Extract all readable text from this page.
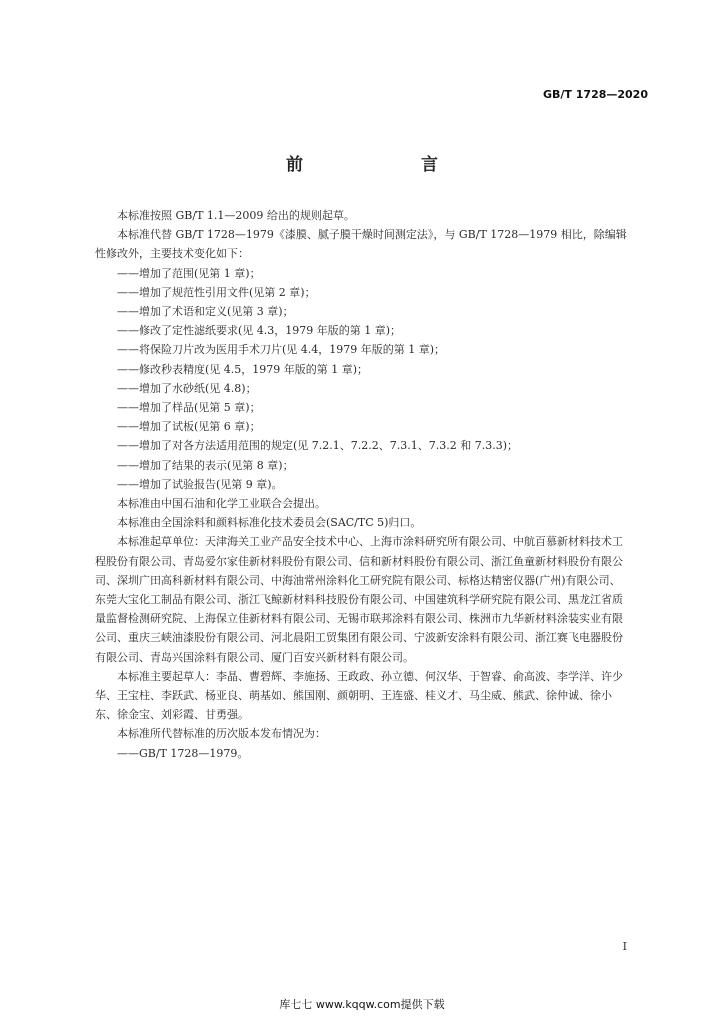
GB/T 1728—2020
前　　言

本标准按照 GB/T 1.1—2009 给出的规则起草。

本标准代替 GB/T 1728—1979《漆膜、腻子膜干燥时间测定法》，与 GB/T 1728—1979 相比，除编辑性修改外，主要技术变化如下：

——增加了范围(见第 1 章)；

——增加了规范性引用文件(见第 2 章)；

——增加了术语和定义(见第 3 章)；

——修改了定性滤纸要求(见 4.3，1979 年版的第 1 章)；

——将保险刀片改为医用手术刀片(见 4.4，1979 年版的第 1 章)；

——修改秒表精度(见 4.5，1979 年版的第 1 章)；

——增加了水砂纸(见 4.8)；

——增加了样品(见第 5 章)；

——增加了试板(见第 6 章)；

——增加了对各方法适用范围的规定(见 7.2.1、7.2.2、7.3.1、7.3.2 和 7.3.3)；

——增加了结果的表示(见第 8 章)；

——增加了试验报告(见第 9 章)。

本标准由中国石油和化学工业联合会提出。

本标准由全国涂料和颜料标准化技术委员会(SAC/TC 5)归口。

本标准起草单位：天津海关工业产品安全技术中心、上海市涂料研究所有限公司、中航百慕新材料技术工程股份有限公司、青岛爱尔家佳新材料股份有限公司、信和新材料股份有限公司、浙江鱼童新材料股份有限公司、深圳广田高科新材料有限公司、中海油常州涂料化工研究院有限公司、标格达精密仪器(广州)有限公司、东莞大宝化工制品有限公司、浙江飞鲸新材料科技股份有限公司、中国建筑科学研究院有限公司、黑龙江省质量监督检测研究院、上海保立佳新材料有限公司、无锡市联邦涂料有限公司、株洲市九华新材料涂装实业有限公司、重庆三峡油漆股份有限公司、河北晨阳工贸集团有限公司、宁波新安涂料有限公司、浙江赛飞电器股份有限公司、青岛兴国涂料有限公司、厦门百安兴新材料有限公司。

本标准主要起草人：李晶、曹碧辉、李施扬、王政政、孙立德、何汉华、于智睿、俞高波、李学洋、许少华、王宝柱、李跃武、杨亚良、萌基如、熊国刚、颜朝明、王连盛、桂义才、马尘威、熊武、徐仲诚、徐小东、徐金宝、刘彩霞、甘勇强。

本标准所代替标准的历次版本发布情况为：

——GB/T 1728—1979。

I
库七七 www.kqqw.com提供下载
